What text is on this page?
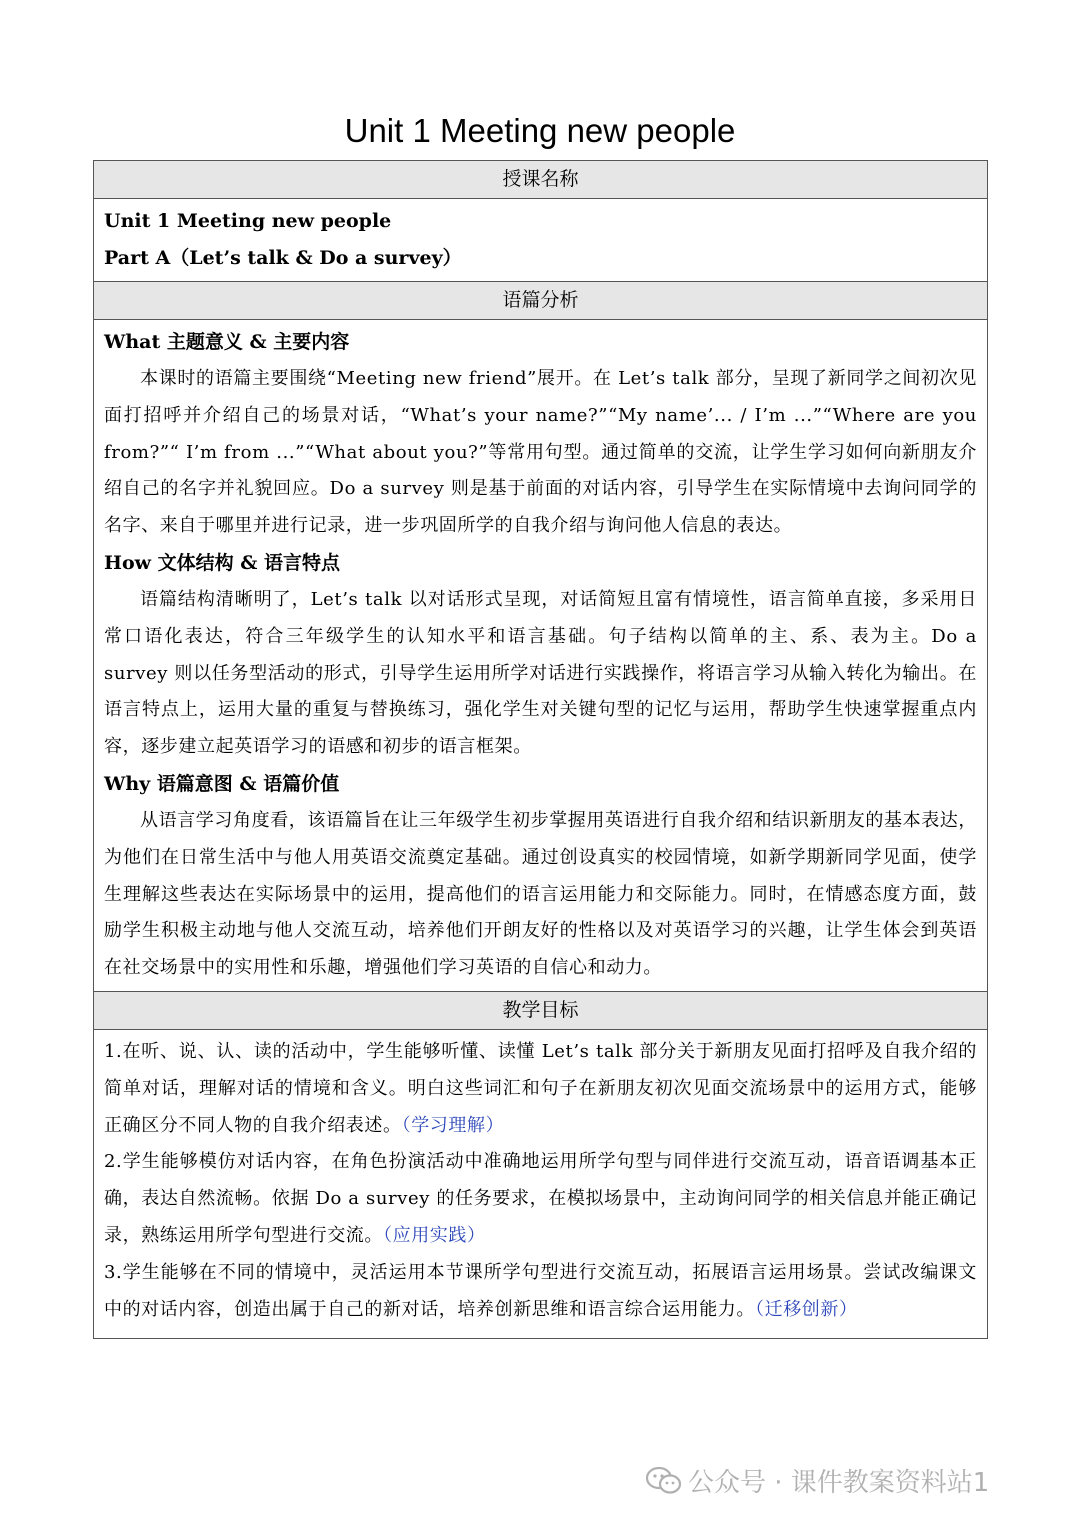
Unit 1 Meeting new people
授课名称
Unit 1 Meeting new people
Part A（Let’s talk & Do a survey）
语篇分析
What 主题意义 & 主要内容
本课时的语篇主要围绕“Meeting new friend”展开。在 Let’s talk 部分，呈现了新同学之间初次见面打招呼并介绍自己的场景对话，“What’s your name?”“My name’... / I’m ...”“Where are you from?”“ I’m from ...”“What about you?”等常用句型。通过简单的交流，让学生学习如何向新朋友介绍自己的名字并礼貌回应。Do a survey 则是基于前面的对话内容，引导学生在实际情境中去询问同学的名字、来自于哪里并进行记录，进一步巩固所学的自我介绍与询问他人信息的表达。
How 文体结构 & 语言特点
语篇结构清晰明了，Let’s talk 以对话形式呈现，对话简短且富有情境性，语言简单直接，多采用日常口语化表达，符合三年级学生的认知水平和语言基础。句子结构以简单的主、系、表为主。Do a survey 则以任务型活动的形式，引导学生运用所学对话进行实践操作，将语言学习从输入转化为输出。在语言特点上，运用大量的重复与替换练习，强化学生对关键句型的记忆与运用，帮助学生快速掌握重点内容，逐步建立起英语学习的语感和初步的语言框架。
Why 语篇意图 & 语篇价值
从语言学习角度看，该语篇旨在让三年级学生初步掌握用英语进行自我介绍和结识新朋友的基本表达，为他们在日常生活中与他人用英语交流奠定基础。通过创设真实的校园情境，如新学期新同学见面，使学生理解这些表达在实际场景中的运用，提高他们的语言运用能力和交际能力。同时，在情感态度方面，鼓励学生积极主动地与他人交流互动，培养他们开朗友好的性格以及对英语学习的兴趣，让学生体会到英语在社交场景中的实用性和乐趣，增强他们学习英语的自信心和动力。
教学目标
1.在听、说、认、读的活动中，学生能够听懂、读懂 Let’s talk 部分关于新朋友见面打招呼及自我介绍的简单对话，理解对话的情境和含义。明白这些词汇和句子在新朋友初次见面交流场景中的运用方式，能够正确区分不同人物的自我介绍表述。（学习理解）
2.学生能够模仿对话内容，在角色扮演活动中准确地运用所学句型与同伴进行交流互动，语音语调基本正确，表达自然流畅。依据 Do a survey 的任务要求，在模拟场景中，主动询问同学的相关信息并能正确记录，熟练运用所学句型进行交流。（应用实践）
3.学生能够在不同的情境中，灵活运用本节课所学句型进行交流互动，拓展语言运用场景。尝试改编课文中的对话内容，创造出属于自己的新对话，培养创新思维和语言综合运用能力。（迁移创新）
公众号 · 课件教案资料站1
